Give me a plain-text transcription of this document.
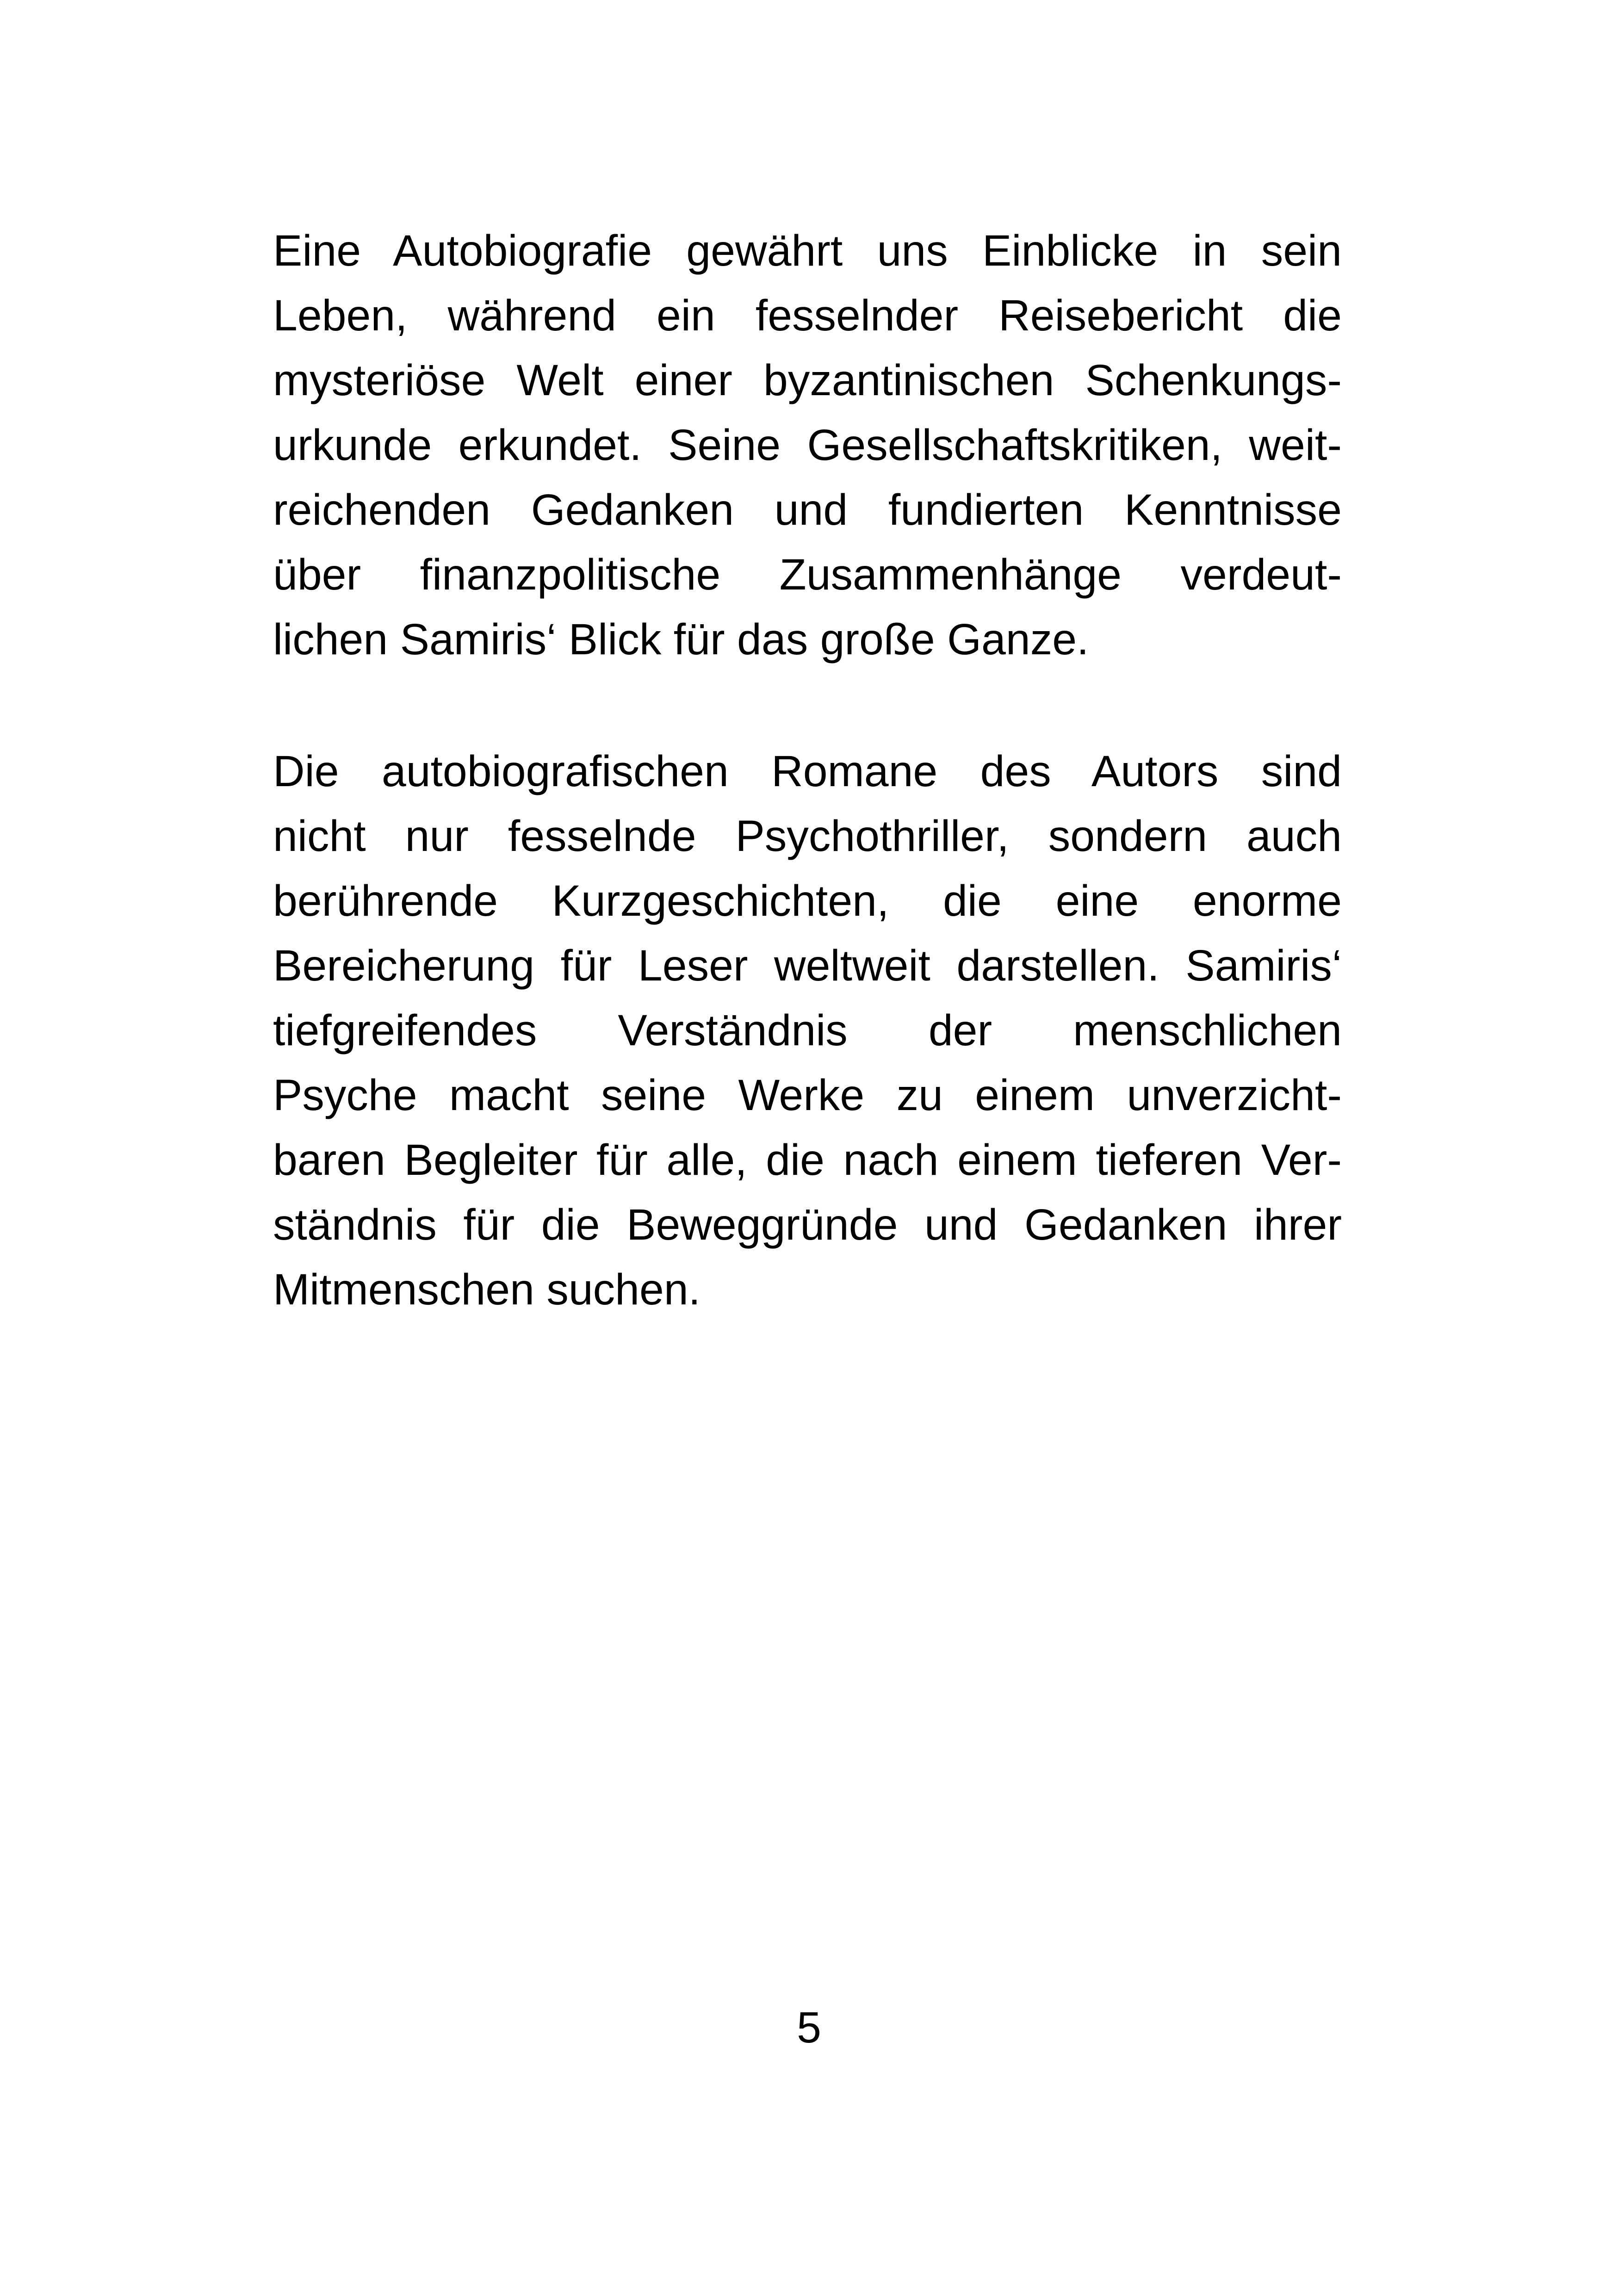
Eine Autobiografie gewährt uns Einblicke in sein
Leben, während ein fesselnder Reisebericht die
mysteriöse Welt einer byzantinischen Schenkungs-
urkunde erkundet. Seine Gesellschaftskritiken, weit-
reichenden Gedanken und fundierten Kenntnisse
über finanzpolitische Zusammenhänge verdeut-
lichen Samiris‘ Blick für das große Ganze.
Die autobiografischen Romane des Autors sind
nicht nur fesselnde Psychothriller, sondern auch
berührende Kurzgeschichten, die eine enorme
Bereicherung für Leser weltweit darstellen. Samiris‘
tiefgreifendes Verständnis der menschlichen
Psyche macht seine Werke zu einem unverzicht-
baren Begleiter für alle, die nach einem tieferen Ver-
ständnis für die Beweggründe und Gedanken ihrer
Mitmenschen suchen.
5
